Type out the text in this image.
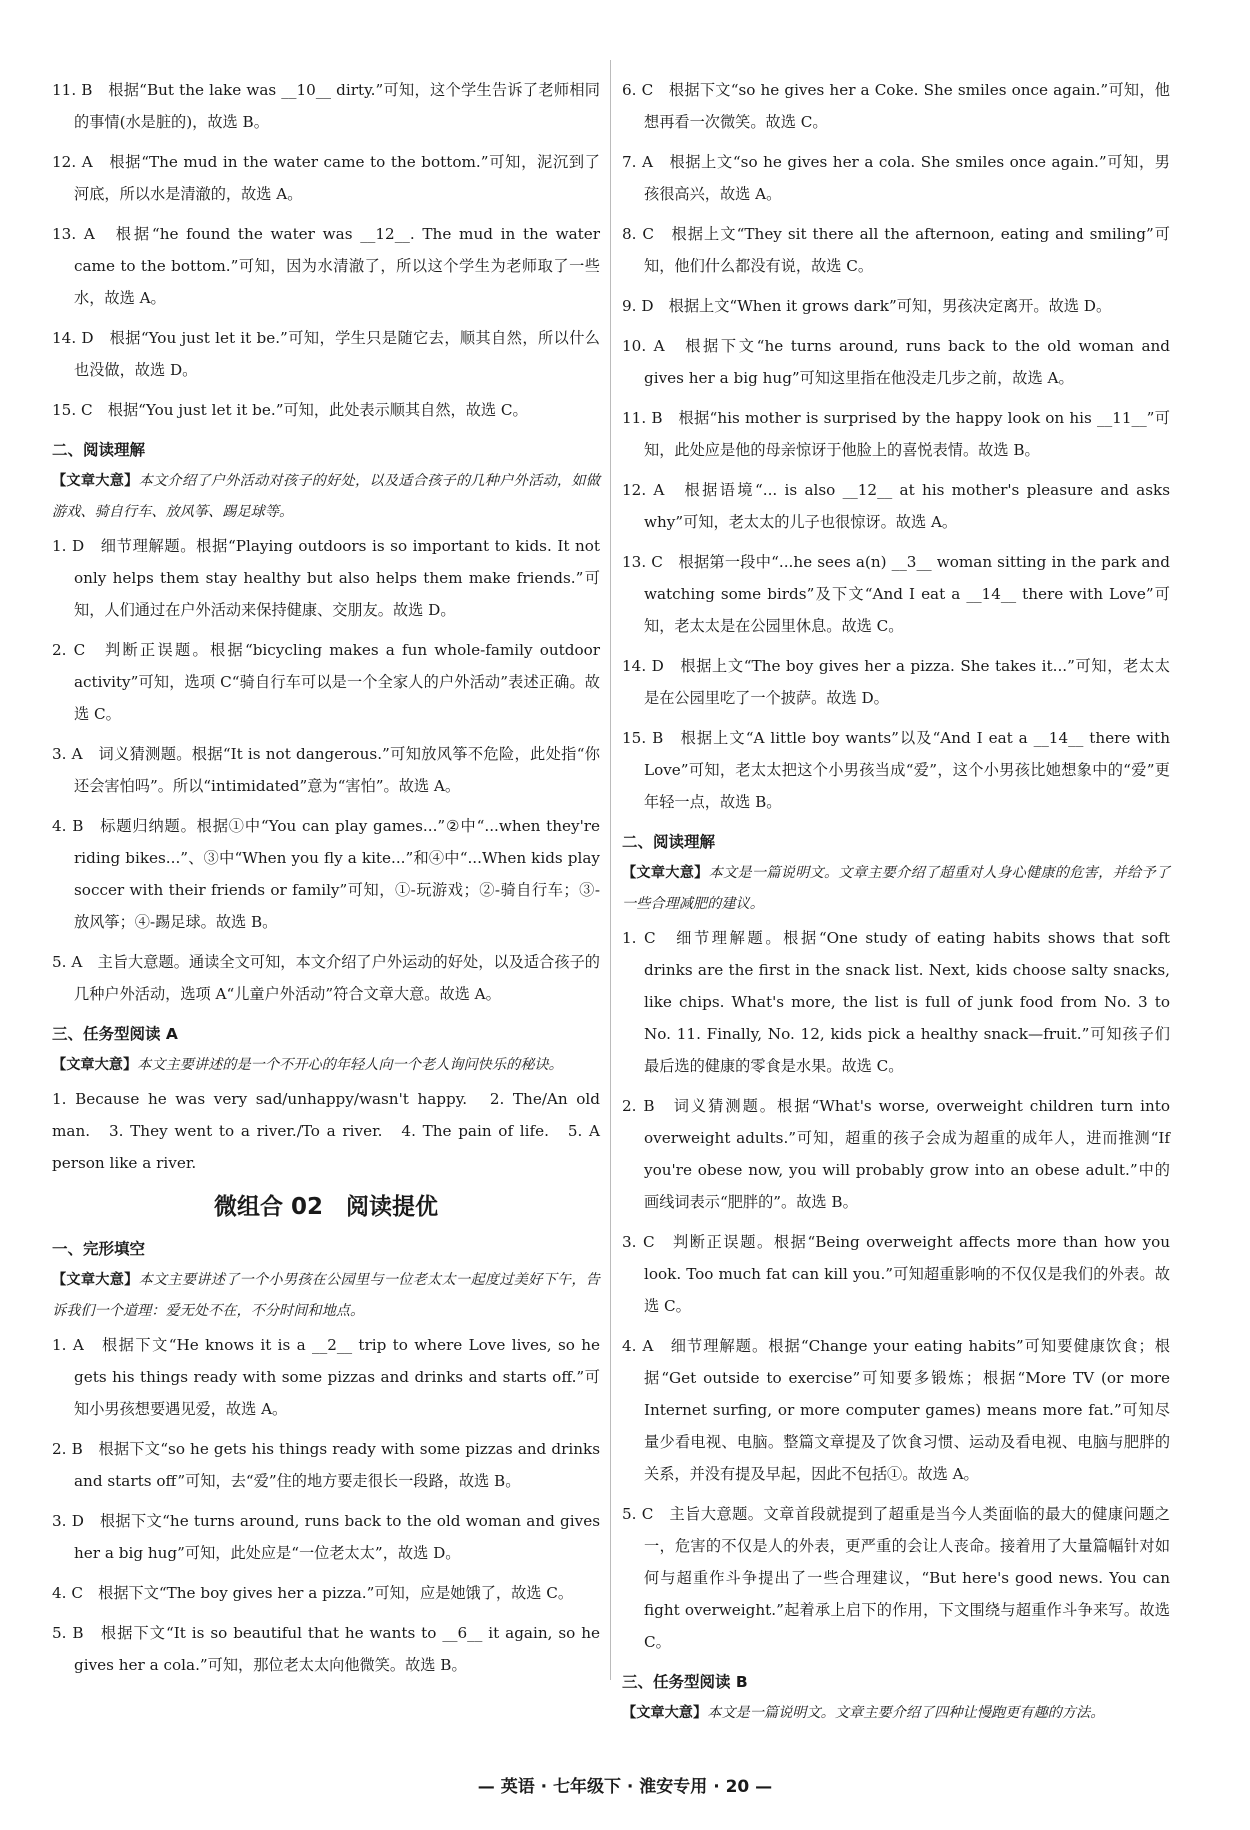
11. B　根据“But the lake was __10__ dirty.”可知，这个学生告诉了老师相同的事情(水是脏的)，故选 B。

12. A　根据“The mud in the water came to the bottom.”可知，泥沉到了河底，所以水是清澈的，故选 A。

13. A　根据“he found the water was __12__. The mud in the water came to the bottom.”可知，因为水清澈了，所以这个学生为老师取了一些水，故选 A。

14. D　根据“You just let it be.”可知，学生只是随它去，顺其自然，所以什么也没做，故选 D。

15. C　根据“You just let it be.”可知，此处表示顺其自然，故选 C。

二、阅读理解

【文章大意】本文介绍了户外活动对孩子的好处，以及适合孩子的几种户外活动，如做游戏、骑自行车、放风筝、踢足球等。

1. D　细节理解题。根据“Playing outdoors is so important to kids. It not only helps them stay healthy but also helps them make friends.”可知，人们通过在户外活动来保持健康、交朋友。故选 D。

2. C　判断正误题。根据“bicycling makes a fun whole-family outdoor activity”可知，选项 C“骑自行车可以是一个全家人的户外活动”表述正确。故选 C。

3. A　词义猜测题。根据“It is not dangerous.”可知放风筝不危险，此处指“你还会害怕吗”。所以“intimidated”意为“害怕”。故选 A。

4. B　标题归纳题。根据①中“You can play games...”②中“...when they're riding bikes...”、③中“When you fly a kite...”和④中“...When kids play soccer with their friends or family”可知，①-玩游戏；②-骑自行车；③-放风筝；④-踢足球。故选 B。

5. A　主旨大意题。通读全文可知，本文介绍了户外运动的好处，以及适合孩子的几种户外活动，选项 A“儿童户外活动”符合文章大意。故选 A。

三、任务型阅读 A

【文章大意】本文主要讲述的是一个不开心的年轻人向一个老人询问快乐的秘诀。

1. Because he was very sad/unhappy/wasn't happy.　2. The/An old man.　3. They went to a river./To a river.　4. The pain of life.　5. A person like a river.

微组合 02　阅读提优
一、完形填空

【文章大意】本文主要讲述了一个小男孩在公园里与一位老太太一起度过美好下午，告诉我们一个道理：爱无处不在，不分时间和地点。

1. A　根据下文“He knows it is a __2__ trip to where Love lives, so he gets his things ready with some pizzas and drinks and starts off.”可知小男孩想要遇见爱，故选 A。

2. B　根据下文“so he gets his things ready with some pizzas and drinks and starts off”可知，去“爱”住的地方要走很长一段路，故选 B。

3. D　根据下文“he turns around, runs back to the old woman and gives her a big hug”可知，此处应是“一位老太太”，故选 D。

4. C　根据下文“The boy gives her a pizza.”可知，应是她饿了，故选 C。

5. B　根据下文“It is so beautiful that he wants to __6__ it again, so he gives her a cola.”可知，那位老太太向他微笑。故选 B。

6. C　根据下文“so he gives her a Coke. She smiles once again.”可知，他想再看一次微笑。故选 C。

7. A　根据上文“so he gives her a cola. She smiles once again.”可知，男孩很高兴，故选 A。

8. C　根据上文“They sit there all the afternoon, eating and smiling”可知，他们什么都没有说，故选 C。

9. D　根据上文“When it grows dark”可知，男孩决定离开。故选 D。

10. A　根据下文“he turns around, runs back to the old woman and gives her a big hug”可知这里指在他没走几步之前，故选 A。

11. B　根据“his mother is surprised by the happy look on his __11__”可知，此处应是他的母亲惊讶于他脸上的喜悦表情。故选 B。

12. A　根据语境“... is also __12__ at his mother's pleasure and asks why”可知，老太太的儿子也很惊讶。故选 A。

13. C　根据第一段中“...he sees a(n) __3__ woman sitting in the park and watching some birds”及下文“And I eat a __14__ there with Love”可知，老太太是在公园里休息。故选 C。

14. D　根据上文“The boy gives her a pizza. She takes it...”可知，老太太是在公园里吃了一个披萨。故选 D。

15. B　根据上文“A little boy wants”以及“And I eat a __14__ there with Love”可知，老太太把这个小男孩当成“爱”，这个小男孩比她想象中的“爱”更年轻一点，故选 B。

二、阅读理解

【文章大意】本文是一篇说明文。文章主要介绍了超重对人身心健康的危害，并给予了一些合理减肥的建议。

1. C　细节理解题。根据“One study of eating habits shows that soft drinks are the first in the snack list. Next, kids choose salty snacks, like chips. What's more, the list is full of junk food from No. 3 to No. 11. Finally, No. 12, kids pick a healthy snack—fruit.”可知孩子们最后选的健康的零食是水果。故选 C。

2. B　词义猜测题。根据“What's worse, overweight children turn into overweight adults.”可知，超重的孩子会成为超重的成年人，进而推测“If you're obese now, you will probably grow into an obese adult.”中的画线词表示“肥胖的”。故选 B。

3. C　判断正误题。根据“Being overweight affects more than how you look. Too much fat can kill you.”可知超重影响的不仅仅是我们的外表。故选 C。

4. A　细节理解题。根据“Change your eating habits”可知要健康饮食；根据“Get outside to exercise”可知要多锻炼；根据“More TV (or more Internet surfing, or more computer games) means more fat.”可知尽量少看电视、电脑。整篇文章提及了饮食习惯、运动及看电视、电脑与肥胖的关系，并没有提及早起，因此不包括①。故选 A。

5. C　主旨大意题。文章首段就提到了超重是当今人类面临的最大的健康问题之一，危害的不仅是人的外表，更严重的会让人丧命。接着用了大量篇幅针对如何与超重作斗争提出了一些合理建议，“But here's good news. You can fight overweight.”起着承上启下的作用，下文围绕与超重作斗争来写。故选 C。

三、任务型阅读 B

【文章大意】本文是一篇说明文。文章主要介绍了四种让慢跑更有趣的方法。

— 英语 · 七年级下 · 淮安专用 · 20 —
